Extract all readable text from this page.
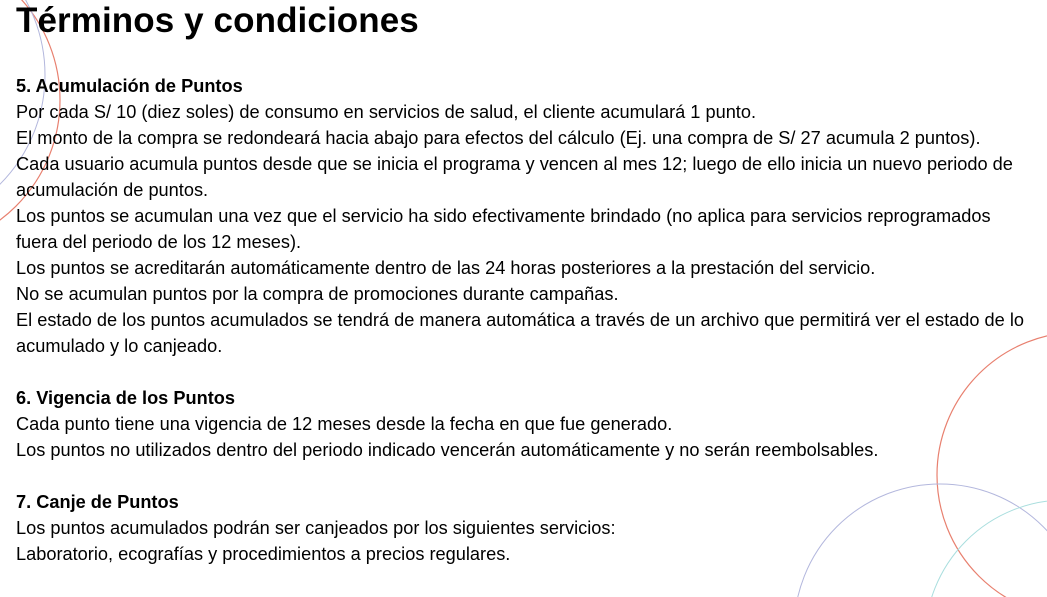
Términos y condiciones

5. Acumulación de Puntos

Por cada S/ 10 (diez soles) de consumo en servicios de salud, el cliente acumulará 1 punto.

El monto de la compra se redondeará hacia abajo para efectos del cálculo (Ej. una compra de S/ 27 acumula 2 puntos).

Cada usuario acumula puntos desde que se inicia el programa y vencen al mes 12; luego de ello inicia un nuevo periodo de acumulación de puntos.

Los puntos se acumulan una vez que el servicio ha sido efectivamente brindado (no aplica para servicios reprogramados fuera del periodo de los 12 meses).

Los puntos se acreditarán automáticamente dentro de las 24 horas posteriores a la prestación del servicio.

No se acumulan puntos por la compra de promociones durante campañas.

El estado de los puntos acumulados se tendrá de manera automática a través de un archivo que permitirá ver el estado de lo acumulado y lo canjeado.

6. Vigencia de los Puntos

Cada punto tiene una vigencia de 12 meses desde la fecha en que fue generado.

Los puntos no utilizados dentro del periodo indicado vencerán automáticamente y no serán reembolsables.

7. Canje de Puntos

Los puntos acumulados podrán ser canjeados por los siguientes servicios:

Laboratorio, ecografías y procedimientos a precios regulares.
